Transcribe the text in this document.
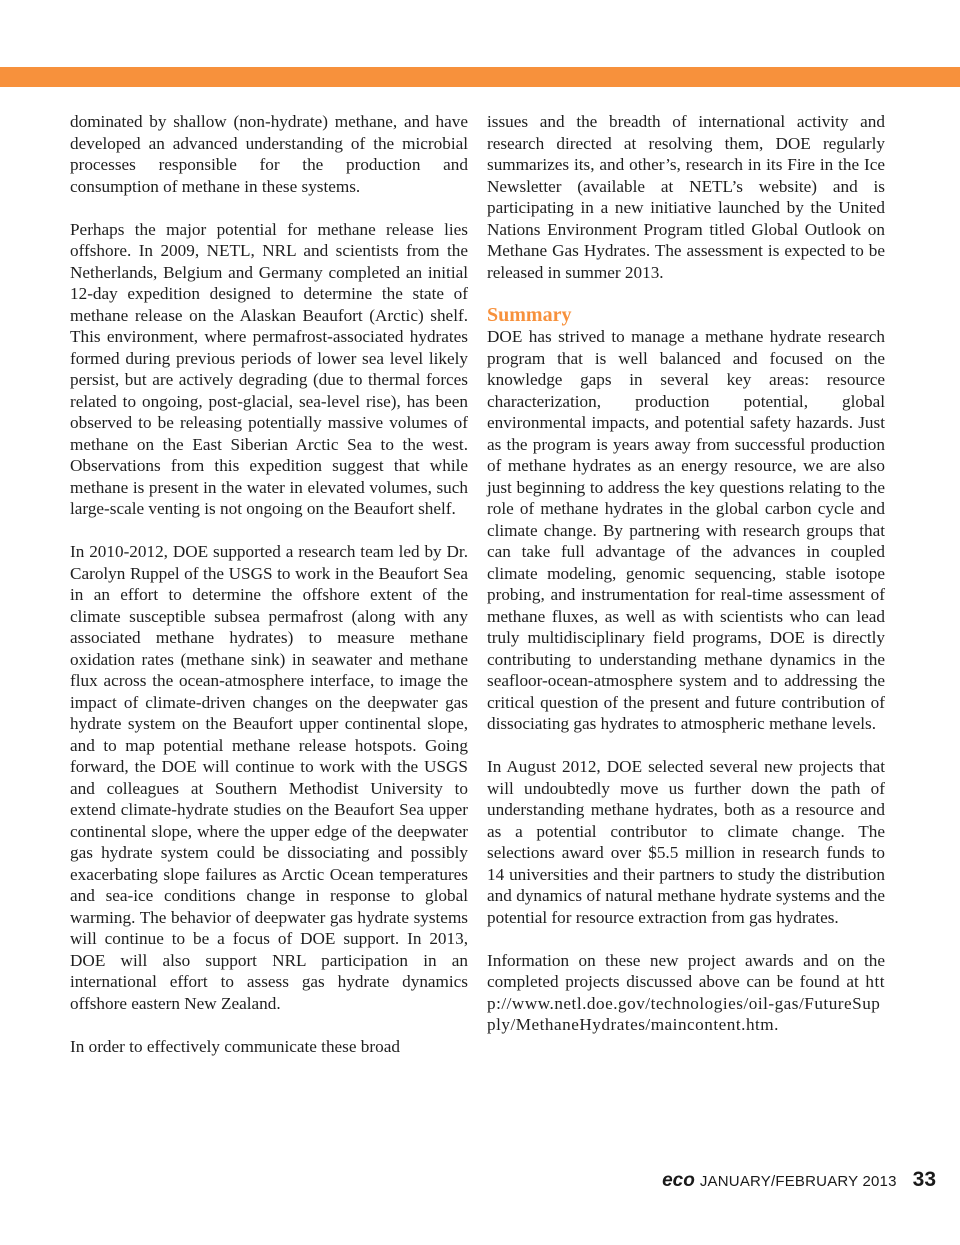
dominated by shallow (non-hydrate) methane, and have developed an advanced understanding of the microbial processes responsible for the production and consumption of methane in these systems.

Perhaps the major potential for methane release lies offshore. In 2009, NETL, NRL and scientists from the Netherlands, Belgium and Germany completed an initial 12-day expedition designed to determine the state of methane release on the Alaskan Beaufort (Arctic) shelf. This environment, where permafrost-associated hydrates formed during previous periods of lower sea level likely persist, but are actively degrading (due to thermal forces related to ongoing, post-glacial, sea-level rise), has been observed to be releasing potentially massive volumes of methane on the East Siberian Arctic Sea to the west. Observations from this expedition suggest that while methane is present in the water in elevated volumes, such large-scale venting is not ongoing on the Beaufort shelf.

In 2010-2012, DOE supported a research team led by Dr. Carolyn Ruppel of the USGS to work in the Beaufort Sea in an effort to determine the offshore extent of the climate susceptible subsea permafrost (along with any associated methane hydrates) to measure methane oxidation rates (methane sink) in seawater and methane flux across the ocean-atmosphere interface, to image the impact of climate-driven changes on the deepwater gas hydrate system on the Beaufort upper continental slope, and to map potential methane release hotspots. Going forward, the DOE will continue to work with the USGS and colleagues at Southern Methodist University to extend climate-hydrate studies on the Beaufort Sea upper continental slope, where the upper edge of the deepwater gas hydrate system could be dissociating and possibly exacerbating slope failures as Arctic Ocean temperatures and sea-ice conditions change in response to global warming. The behavior of deepwater gas hydrate systems will continue to be a focus of DOE support. In 2013, DOE will also support NRL participation in an international effort to assess gas hydrate dynamics offshore eastern New Zealand.

In order to effectively communicate these broad

issues and the breadth of international activity and research directed at resolving them, DOE regularly summarizes its, and other’s, research in its Fire in the Ice Newsletter (available at NETL’s website) and is participating in a new initiative launched by the United Nations Environment Program titled Global Outlook on Methane Gas Hydrates. The assessment is expected to be released in summer 2013.

Summary

DOE has strived to manage a methane hydrate research program that is well balanced and focused on the knowledge gaps in several key areas: resource characterization, production potential, global environmental impacts, and potential safety hazards. Just as the program is years away from successful production of methane hydrates as an energy resource, we are also just beginning to address the key questions relating to the role of methane hydrates in the global carbon cycle and climate change. By partnering with research groups that can take full advantage of the advances in coupled climate modeling, genomic sequencing, stable isotope probing, and instrumentation for real-time assessment of methane fluxes, as well as with scientists who can lead truly multidisciplinary field programs, DOE is directly contributing to understanding methane dynamics in the seafloor-ocean-atmosphere system and to addressing the critical question of the present and future contribution of dissociating gas hydrates to atmospheric methane levels.

In August 2012, DOE selected several new projects that will undoubtedly move us further down the path of understanding methane hydrates, both as a resource and as a potential contributor to climate change. The selections award over $5.5 million in research funds to 14 universities and their partners to study the distribution and dynamics of natural methane hydrate systems and the potential for resource extraction from gas hydrates.

Information on these new project awards and on the completed projects discussed above can be found at http://www.netl.doe.gov/technologies/oil-gas/FutureSupply/MethaneHydrates/maincontent.htm.

eco JANUARY/FEBRUARY 2013 33
